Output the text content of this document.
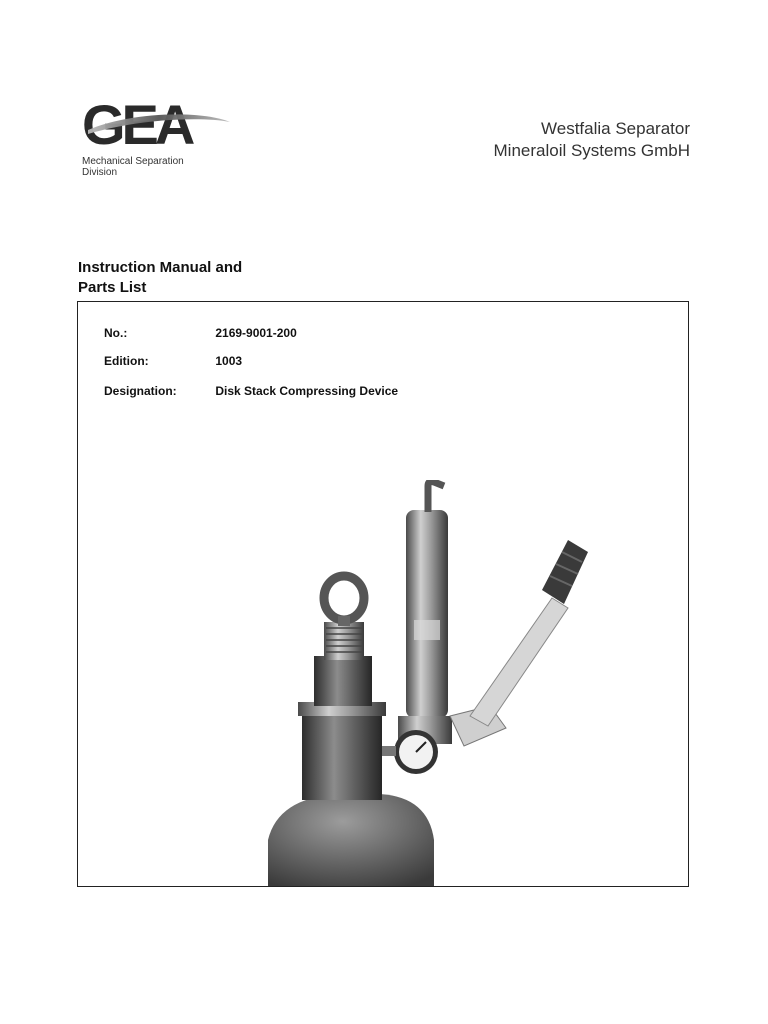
GEA
Mechanical Separation
Division
Westfalia Separator
Mineraloil Systems GmbH
Instruction Manual and
Parts List
No.:	2169-9001-200
Edition:	1003
Designation:	Disk Stack Compressing Device
